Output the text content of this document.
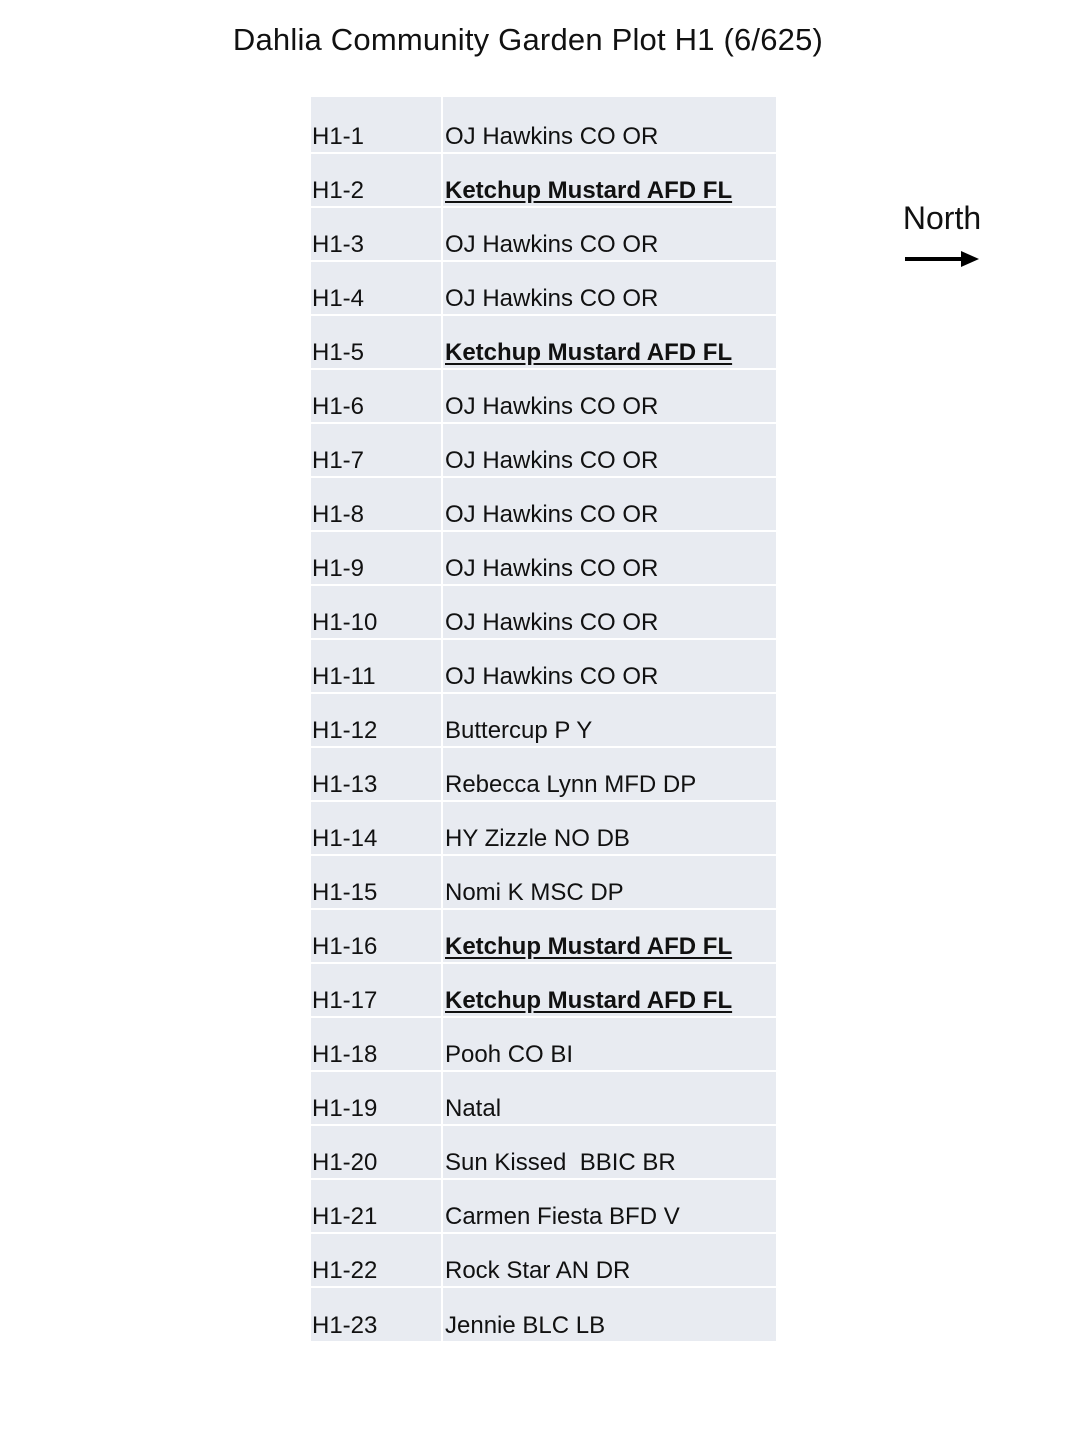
Dahlia Community Garden Plot H1 (6/625)
H1-1	OJ Hawkins CO OR
H1-2	Ketchup Mustard AFD FL
H1-3	OJ Hawkins CO OR
H1-4	OJ Hawkins CO OR
H1-5	Ketchup Mustard AFD FL
H1-6	OJ Hawkins CO OR
H1-7	OJ Hawkins CO OR
H1-8	OJ Hawkins CO OR
H1-9	OJ Hawkins CO OR
H1-10	OJ Hawkins CO OR
H1-11	OJ Hawkins CO OR
H1-12	Buttercup P Y
H1-13	Rebecca Lynn MFD DP
H1-14	HY Zizzle NO DB
H1-15	Nomi K MSC DP
H1-16	Ketchup Mustard AFD FL
H1-17	Ketchup Mustard AFD FL
H1-18	Pooh CO BI
H1-19	Natal
H1-20	Sun Kissed  BBIC BR
H1-21	Carmen Fiesta BFD V
H1-22	Rock Star AN DR
H1-23	Jennie BLC LB
North
